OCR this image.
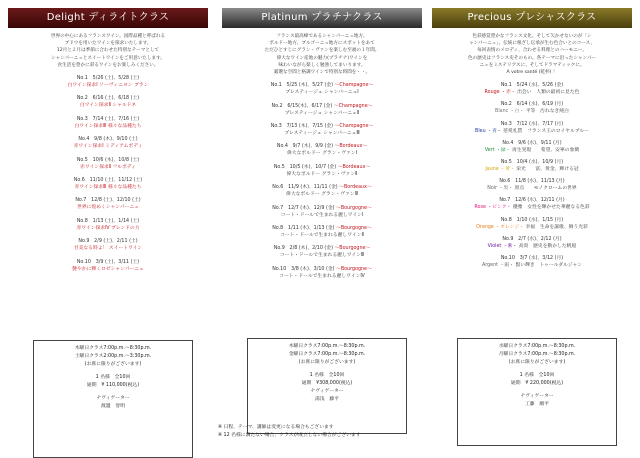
Delight ディライトクラス
世界の中心にあるフランスワイン。国際品種と呼ばれる
ブドウを用いたワインを探求いたします。
12月と２月は季節に合わせた特別なテーマとして
シャンパーニュとスイートワインをご用意いたします。
食生活を豊かに彩るワインをお楽しみください。
No.1　5/26 (土)、5/28 (土)
白ワイン探求Ⅰ ソーヴィニヨン ブラン
No.2　6/16 (土)、6/18 (土)
白ワイン探求Ⅱ シャルドネ
No.3　7/14 (土)、7/16 (土)
白ワイン探求Ⅲ 様々な品種たち
No.4　9/8 (木)、9/10 (土)
赤ワイン探求Ⅰ ミディアムボディ
No.5　10/6 (木)、10/8 (土)
赤ワイン探求Ⅱ フルボディ
No.6　11/10 (土)、11/12 (土)
赤ワイン探求Ⅲ 様々な品種たち
No.7　12/8 (土)、12/10 (土)
世界に煌めくシャンパーニュ
No.8　1/13 (土)、1/14 (土)
赤ワイン探求Ⅳ ブレンドの力
No.9　2/9 (土)、2/11 (土)
甘美なる時よ！ スイートワイン
No.10　3/9 (土)、3/11 (土)
艶やかに輝くロゼシャンパーニュ
木曜日クラス7:00p.m.～8:30p.m.
土曜日クラス2:00p.m.～3:30p.m.
(お席に限りがございます)
1 名様　全10回
通期　¥ 110,000(税込)
ナヴィゲーター
渡邊　誉明
Platinum プラチナクラス
フランス最高峰であるシャンパーニュ地方、
ボルドー地方、ブルゴーニュ地方にスポットをあて
ただひとすじにグラン・ヴァンを楽しむ至福の１年間。
偉大なワイン産地の魅力(プラチナ)ワインを
味わいながら楽しく勉強してまいります。
厳選な空間と格調ワインで特別な時間を・・。
No.1　5/25 (木)、5/27 (金) ～Champagne～
プレスティージュ シャンパーニュⅠ
No.2　6/15(木)、6/17 (金) ～Champagne～
プレスティージュ シャンパーニュⅡ
No.3　7/13 (木)、7/15 (金) ～Champagne～
プレスティージュ シャンパーニュⅢ
No.4　9/7 (木)、9/9 (金) ～Bordeaux～
偉大なボルドー グラン・ヴァンⅠ
No.5　10/5 (木)、10/7 (金) ～Bordeaux～
偉大なボルドー グラン・ヴァンⅡ
No.6　11/9 (木)、11/11 (金) ～Bordeaux～
偉大なボルドー グラン・ヴァンⅢ
No.7　12/7 (木)、12/9 (金) ～Bourgogne～
コート・ドールで生まれる麗しワインⅠ
No.8　1/11 (木)、1/13 (金) ～Bourgogne～
コート・ドールで生まれる麗しワインⅡ
No.9　2/8 (木)、2/10 (金) ～Bourgogne～
コート・ドールで生まれる麗しワインⅢ
No.10　3/8 (木)、3/10 (金) ～Bourgogne～
コート・ドールで生まれる麗しワインⅣ
木曜日クラス7:00p.m.～8:30p.m.
金曜日クラス7:00p.m.～8:30p.m.
(お席に限りがございます)
1 名様　全10回
通期　¥308,000(税込)
ナヴィゲーター
湯浅　藤平
Precious プレシャスクラス
色彩感覚豊かなフランス文化、そして欠かせないのが「シ
ャンパーニュ」。伝統に根ざし伝承が生む色合いとのコース、
毎回表情のメロディ、合わせる料理とのハーモニー。
色の歴史はフランス史そのもの。各テーマに沿ったシャンパー
ニュをミステリアスに、そしてドラマティックに。
A votre santé (乾杯) ！
No.1　5/24 (水)、5/26 (金)
Rouge ・赤・ 出会い　人類の最初に見た色
No.2　6/14 (水)、6/19 (月)
Blanc ・白・ 平等　汚れなき純白
No.3　7/12 (水)、7/17 (月)
Bleu ・青・ 慈愛礼賛　フランス王のロイヤルブルー
No.4　9/6 (水)、9/11 (月)
Vert ・緑・ 再生実現　　希望、安寧の象徴
No.5　10/4 (水)、10/9 (月)
Jaune ・黄・ 栄光　　富、黄金、輝ける冠
No.6　11/8 (水)、11/13 (月)
Noir ・黒・ 原点　　モノクロームの世界
No.7　12/6 (水)、12/11 (月)
Rose ・ピンク・ 優雅　女性を輝かせた華麗なる色彩
No.8　1/10 (水)、1/15 (月)
Orange ・オレンジ・ 幸福　生命を謳歌、舞う光彩
No.9　2/7 (水)、2/12 (月)
Violet ・紫・ 高貴　歴史を動かした帆船
No.10　3/7 (水)、3/12 (月)
Argent ・銀・ 賢い輝き　トゥールダルジャン
水曜日クラス7:00p.m.～8:30p.m.
月曜日クラス7:00p.m.～8:30p.m.
(お席に限りがございます)
1 名様　全10回
通期　¥ 220,000(税込)
ナヴィゲーター
工藤　順平
※ 日程、テーマ、講師は変更になる場合もございます
※ 12 名様に満たない場合、クラスが成立しない場合がございます
